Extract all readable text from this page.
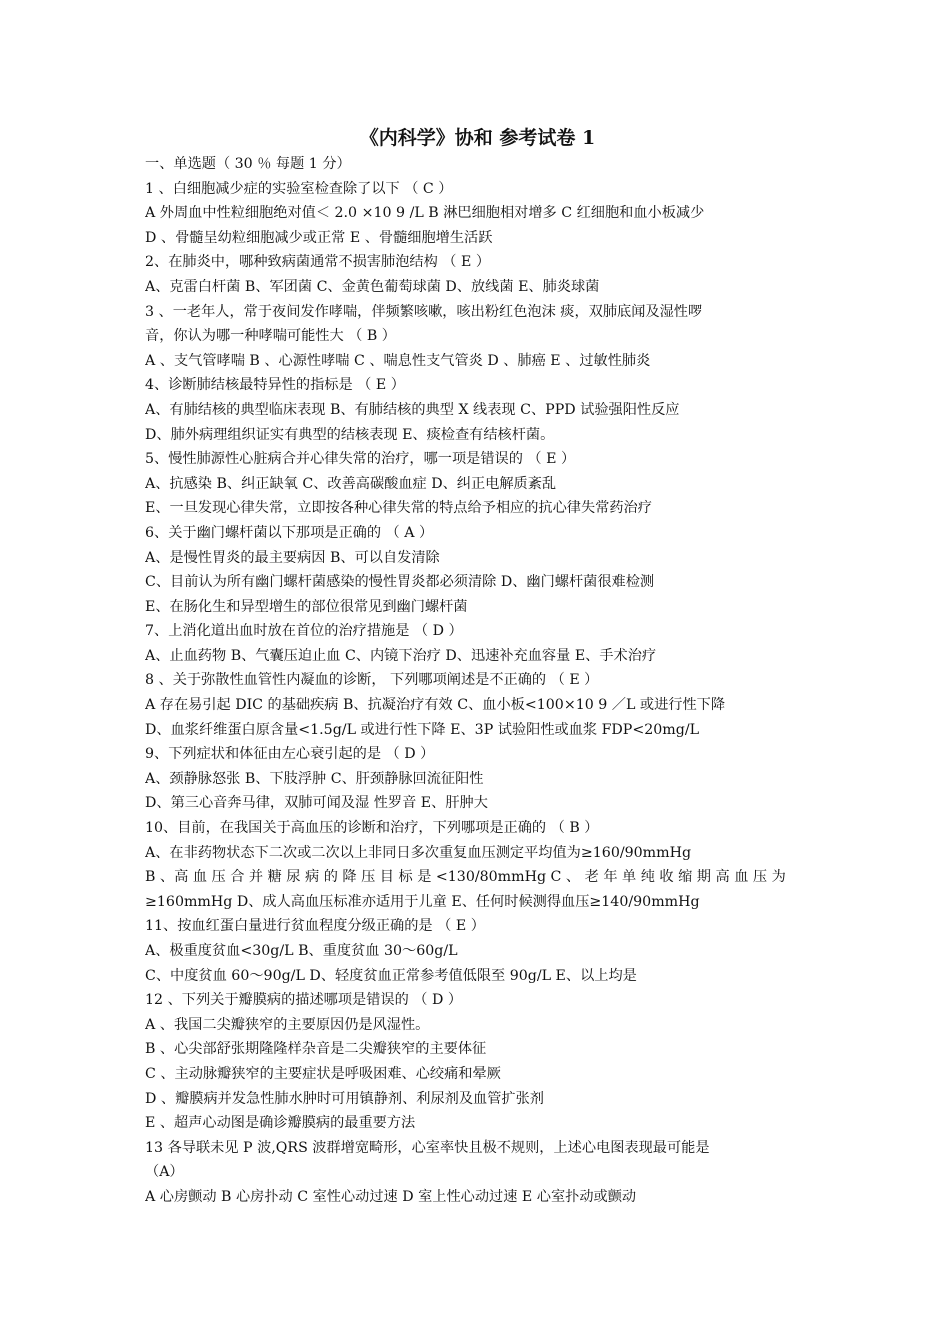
《内科学》协和 参考试卷 1
一、单选题（ 30 ％ 每题 1 分）
1 、白细胞减少症的实验室检查除了以下 （ C ）
A 外周血中性粒细胞绝对值＜ 2.0 ×10 9 /L B 淋巴细胞相对增多 C 红细胞和血小板减少
D 、骨髓呈幼粒细胞减少或正常 E 、骨髓细胞增生活跃
2、在肺炎中，哪种致病菌通常不损害肺泡结构 （ E ）
A、克雷白杆菌 B、军团菌 C、金黄色葡萄球菌 D、放线菌 E、肺炎球菌
3 、一老年人，常于夜间发作哮喘，伴频繁咳嗽，咳出粉红色泡沫 痰，双肺底闻及湿性啰
音，你认为哪一种哮喘可能性大 （ B ）
A 、支气管哮喘 B 、心源性哮喘 C 、喘息性支气管炎 D 、肺癌 E 、过敏性肺炎
4、诊断肺结核最特异性的指标是 （ E ）
A、有肺结核的典型临床表现 B、有肺结核的典型 X 线表现 C、PPD 试验强阳性反应
D、肺外病理组织证实有典型的结核表现 E、痰检查有结核杆菌。
5、慢性肺源性心脏病合并心律失常的治疗，哪一项是错误的 （ E ）
A、抗感染 B、纠正缺氧 C、改善高碳酸血症 D、纠正电解质紊乱
E、一旦发现心律失常，立即按各种心律失常的特点给予相应的抗心律失常药治疗
6、关于幽门螺杆菌以下那项是正确的 （ A ）
A、是慢性胃炎的最主要病因 B、可以自发清除
C、目前认为所有幽门螺杆菌感染的慢性胃炎都必须清除 D、幽门螺杆菌很难检测
E、在肠化生和异型增生的部位很常见到幽门螺杆菌
7、上消化道出血时放在首位的治疗措施是 （ D ）
A、止血药物 B、气囊压迫止血 C、内镜下治疗 D、迅速补充血容量 E、手术治疗
8 、关于弥散性血管性内凝血的诊断， 下列哪项阐述是不正确的 （ E ）
A 存在易引起 DIC 的基础疾病 B、抗凝治疗有效 C、血小板<100×10 9 ／L 或进行性下降
D、血浆纤维蛋白原含量<1.5g/L 或进行性下降 E、3P 试验阳性或血浆 FDP<20mg/L
9、下列症状和体征由左心衰引起的是 （ D ）
A、颈静脉怒张 B、下肢浮肿 C、肝颈静脉回流征阳性
D、第三心音奔马律，双肺可闻及湿 性罗音 E、肝肿大
10、目前，在我国关于高血压的诊断和治疗，下列哪项是正确的 （ B ）
A、在非药物状态下二次或二次以上非同日多次重复血压测定平均值为≥160/90mmHg
B 、高 血 压 合 并 糖 尿 病 的 降 压 目 标 是 <130/80mmHg C 、 老 年 单 纯 收 缩 期 高 血 压 为
≥160mmHg D、成人高血压标准亦适用于儿童 E、任何时候测得血压≥140/90mmHg
11、按血红蛋白量进行贫血程度分级正确的是 （ E ）
A、极重度贫血<30g/L B、重度贫血 30～60g/L
C、中度贫血 60～90g/L D、轻度贫血正常参考值低限至 90g/L E、以上均是
12 、下列关于瓣膜病的描述哪项是错误的 （ D ）
A 、我国二尖瓣狭窄的主要原因仍是风湿性。
B 、心尖部舒张期隆隆样杂音是二尖瓣狭窄的主要体征
C 、主动脉瓣狭窄的主要症状是呼吸困难、心绞痛和晕厥
D 、瓣膜病并发急性肺水肿时可用镇静剂、利尿剂及血管扩张剂
E 、超声心动图是确诊瓣膜病的最重要方法
13 各导联未见 P 波,QRS 波群增宽畸形，心室率快且极不规则，上述心电图表现最可能是
（A）
A 心房颤动 B 心房扑动 C 室性心动过速 D 室上性心动过速 E 心室扑动或颤动
